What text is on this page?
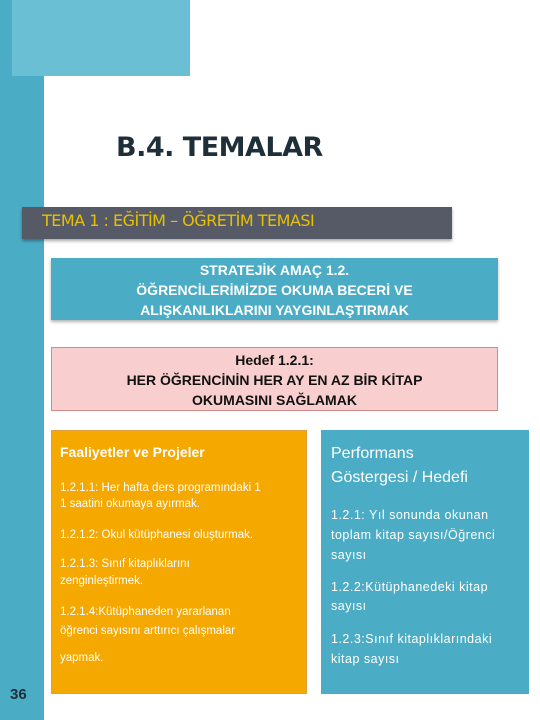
B.4. TEMALAR
TEMA 1 : EĞİTİM – ÖĞRETİM TEMASI
STRATEJİK AMAÇ 1.2.
ÖĞRENCİLERİMİZDE OKUMA BECERİ VE
ALIŞKANLIKLARINI YAYGINLAŞTIRMAK
Hedef 1.2.1:
HER ÖĞRENCİNİN HER AY EN AZ BİR KİTAP
OKUMASINI SAĞLAMAK
Faaliyetler ve Projeler
1.2.1.1: Her hafta ders programındaki 1
1 saatini okumaya ayırmak.
1.2.1.2: Okul kütüphanesi oluşturmak.
1.2.1.3: Sınıf kitaplıklarını
zenginleştirmek.
1.2.1.4:Kütüphaneden yararlanan
öğrenci sayısını arttırıcı çalışmalar
yapmak.
Performans
Göstergesi / Hedefi
1.2.1: Yıl sonunda okunan
toplam kitap sayısı/Öğrenci
sayısı
1.2.2:Kütüphanedeki kitap
sayısı
1.2.3:Sınıf kitaplıklarındaki
kitap sayısı
36
